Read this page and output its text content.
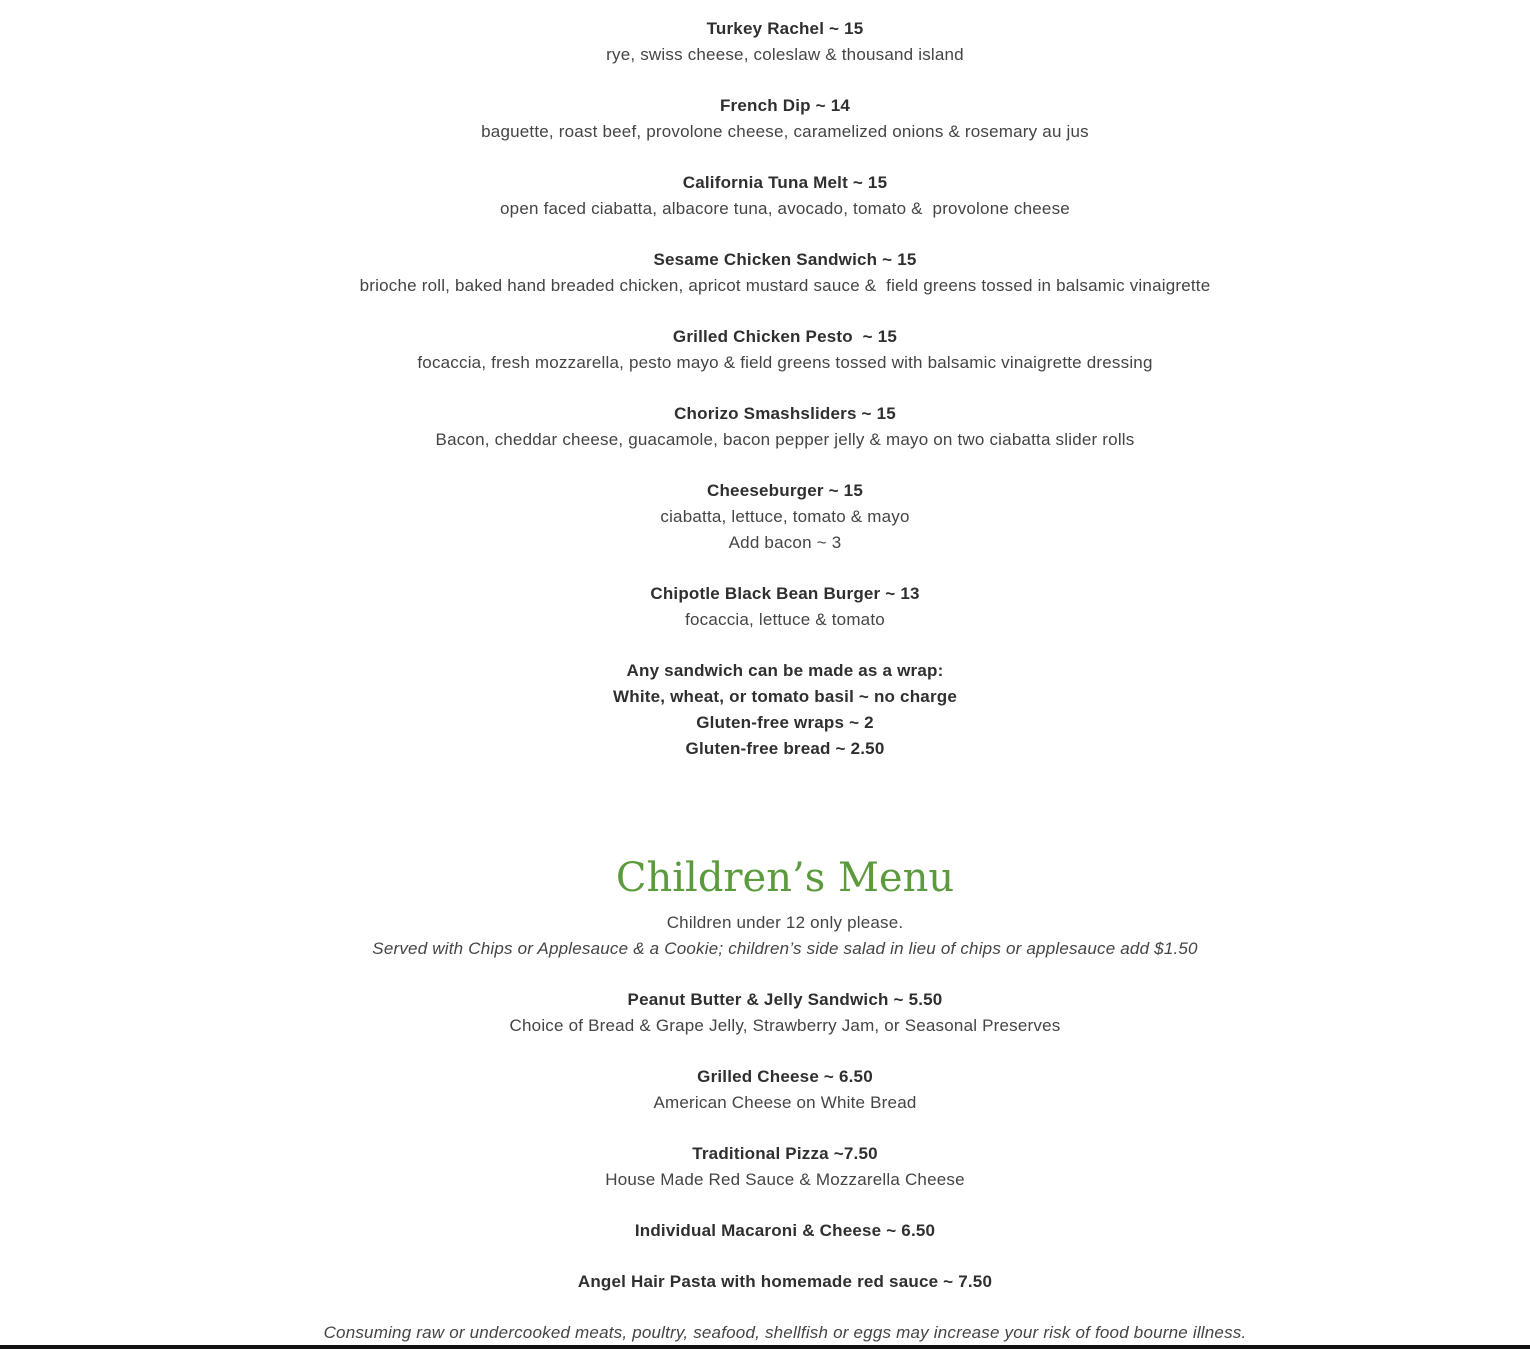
Turkey Rachel ~ 15
rye, swiss cheese, coleslaw & thousand island
French Dip ~ 14
baguette, roast beef, provolone cheese, caramelized onions & rosemary au jus
California Tuna Melt ~ 15
open faced ciabatta, albacore tuna, avocado, tomato &  provolone cheese
Sesame Chicken Sandwich ~ 15
brioche roll, baked hand breaded chicken, apricot mustard sauce &  field greens tossed in balsamic vinaigrette
Grilled Chicken Pesto  ~ 15
focaccia, fresh mozzarella, pesto mayo & field greens tossed with balsamic vinaigrette dressing
Chorizo Smashsliders ~ 15
Bacon, cheddar cheese, guacamole, bacon pepper jelly & mayo on two ciabatta slider rolls
Cheeseburger ~ 15
ciabatta, lettuce, tomato & mayo
Add bacon ~ 3
Chipotle Black Bean Burger ~ 13
focaccia, lettuce & tomato
Any sandwich can be made as a wrap:
White, wheat, or tomato basil ~ no charge
Gluten-free wraps ~ 2
Gluten-free bread ~ 2.50
Children’s Menu
Children under 12 only please.
Served with Chips or Applesauce & a Cookie; children’s side salad in lieu of chips or applesauce add $1.50
Peanut Butter & Jelly Sandwich ~ 5.50
Choice of Bread & Grape Jelly, Strawberry Jam, or Seasonal Preserves
Grilled Cheese ~ 6.50
American Cheese on White Bread
Traditional Pizza ~7.50
House Made Red Sauce & Mozzarella Cheese
Individual Macaroni & Cheese ~ 6.50
Angel Hair Pasta with homemade red sauce ~ 7.50
Consuming raw or undercooked meats, poultry, seafood, shellfish or eggs may increase your risk of food bourne illness.
